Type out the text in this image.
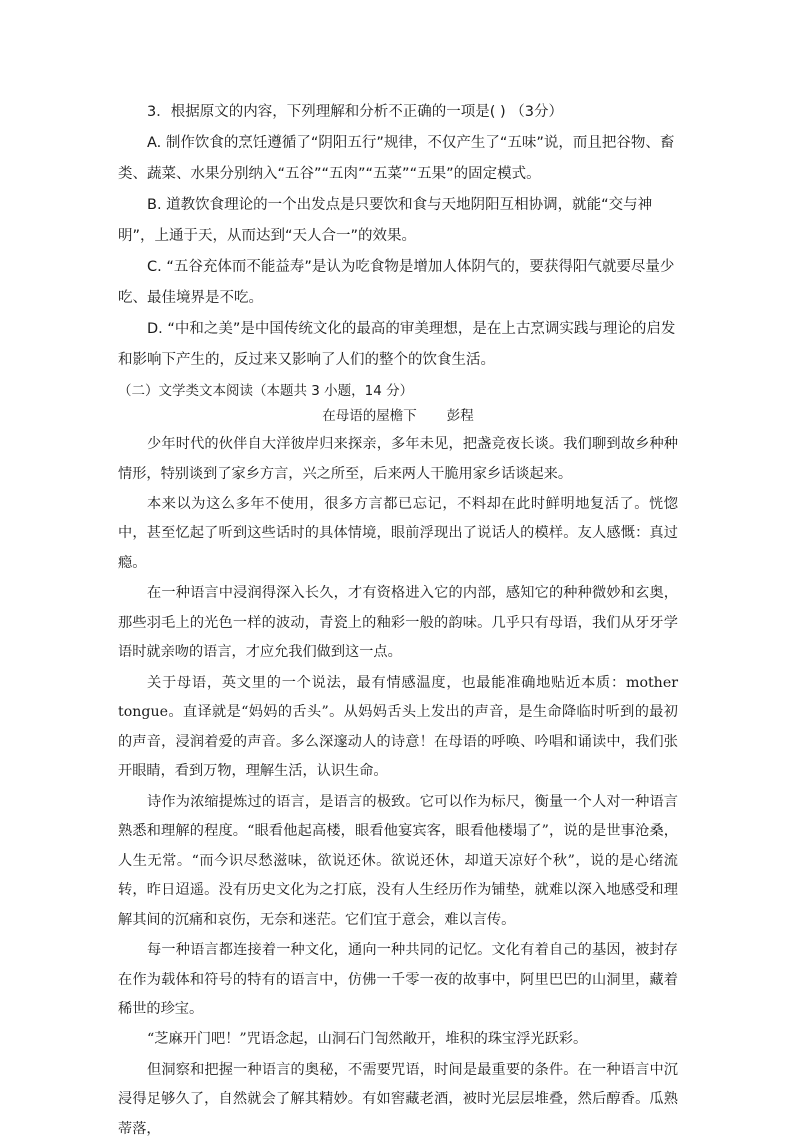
3．根据原文的内容，下列理解和分析不正确的一项是( ) （3分）

A. 制作饮食的烹饪遵循了“阴阳五行”规律，不仅产生了“五味”说，而且把谷物、畜类、蔬菜、水果分别纳入“五谷”“五肉”“五菜”“五果”的固定模式。

B. 道教饮食理论的一个出发点是只要饮和食与天地阴阳互相协调，就能“交与神明”，上通于天，从而达到“天人合一”的效果。

C. “五谷充体而不能益寿”是认为吃食物是增加人体阴气的，要获得阳气就要尽量少吃、最佳境界是不吃。

D. “中和之美”是中国传统文化的最高的审美理想，是在上古烹调实践与理论的启发和影响下产生的，反过来又影响了人们的整个的饮食生活。

（二）文学类文本阅读（本题共 3 小题，14 分）
在母语的屋檐下 彭程

少年时代的伙伴自大洋彼岸归来探亲，多年未见，把盏竞夜长谈。我们聊到故乡种种情形，特别谈到了家乡方言，兴之所至，后来两人干脆用家乡话谈起来。

本来以为这么多年不使用，很多方言都已忘记，不料却在此时鲜明地复活了。恍惚中，甚至忆起了听到这些话时的具体情境，眼前浮现出了说话人的模样。友人感慨：真过瘾。

在一种语言中浸润得深入长久，才有资格进入它的内部，感知它的种种微妙和玄奥，那些羽毛上的光色一样的波动，青瓷上的釉彩一般的韵味。几乎只有母语，我们从牙牙学语时就亲吻的语言，才应允我们做到这一点。

关于母语，英文里的一个说法，最有情感温度，也最能准确地贴近本质：mother tongue。直译就是“妈妈的舌头”。从妈妈舌头上发出的声音，是生命降临时听到的最初的声音，浸润着爱的声音。多么深邃动人的诗意！在母语的呼唤、吟唱和诵读中，我们张开眼睛，看到万物，理解生活，认识生命。

诗作为浓缩提炼过的语言，是语言的极致。它可以作为标尺，衡量一个人对一种语言熟悉和理解的程度。“眼看他起高楼，眼看他宴宾客，眼看他楼塌了”，说的是世事沧桑，人生无常。“而今识尽愁滋味，欲说还休。欲说还休，却道天凉好个秋”，说的是心绪流转，昨日迢遥。没有历史文化为之打底，没有人生经历作为铺垫，就难以深入地感受和理解其间的沉痛和哀伤，无奈和迷茫。它们宜于意会，难以言传。

每一种语言都连接着一种文化，通向一种共同的记忆。文化有着自己的基因，被封存在作为载体和符号的特有的语言中，仿佛一千零一夜的故事中，阿里巴巴的山洞里，藏着稀世的珍宝。

“芝麻开门吧！”咒语念起，山洞石门訇然敞开，堆积的珠宝浮光跃彩。

但洞察和把握一种语言的奥秘，不需要咒语，时间是最重要的条件。在一种语言中沉浸得足够久了，自然就会了解其精妙。有如窖藏老酒，被时光层层堆叠，然后醇香。瓜熟蒂落，
